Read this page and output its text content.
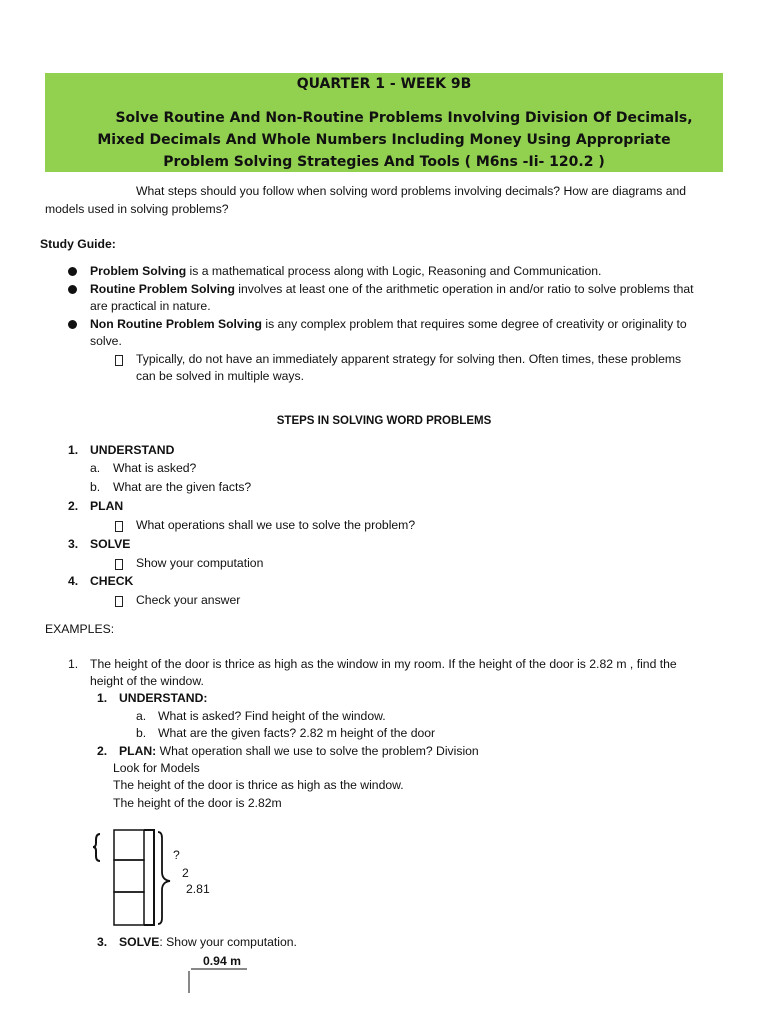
QUARTER 1 - WEEK 9B
Solve Routine And Non-Routine Problems Involving Division Of Decimals, Mixed Decimals And Whole Numbers Including Money Using Appropriate Problem Solving Strategies And Tools ( M6ns -Ii- 120.2 )
What steps should you follow when solving word problems involving decimals? How are diagrams and
models used in solving problems?
Study Guide:
Problem Solving is a mathematical process along with Logic, Reasoning and Communication.
Routine Problem Solving involves at least one of the arithmetic operation in and/or ratio to solve problems that
are practical in nature.
Non Routine Problem Solving is any complex problem that requires some degree of creativity or originality to
solve.
Typically, do not have an immediately apparent strategy for solving then. Often times, these problems
can be solved in multiple ways.
STEPS IN SOLVING WORD PROBLEMS
1. UNDERSTAND
a. What is asked?
b. What are the given facts?
2. PLAN
What operations shall we use to solve the problem?
3. SOLVE
Show your computation
4. CHECK
Check your answer
EXAMPLES:
1. The height of the door is thrice as high as the window in my room. If the height of the door is 2.82 m , find the
height of the window.
1. UNDERSTAND:
a. What is asked? Find height of the window.
b. What are the given facts? 2.82 m height of the door
2. PLAN: What operation shall we use to solve the problem? Division
Look for Models
The height of the door is thrice as high as the window.
The height of the door is 2.82m
?
2
2.81
3. SOLVE: Show your computation.
0.94 m
